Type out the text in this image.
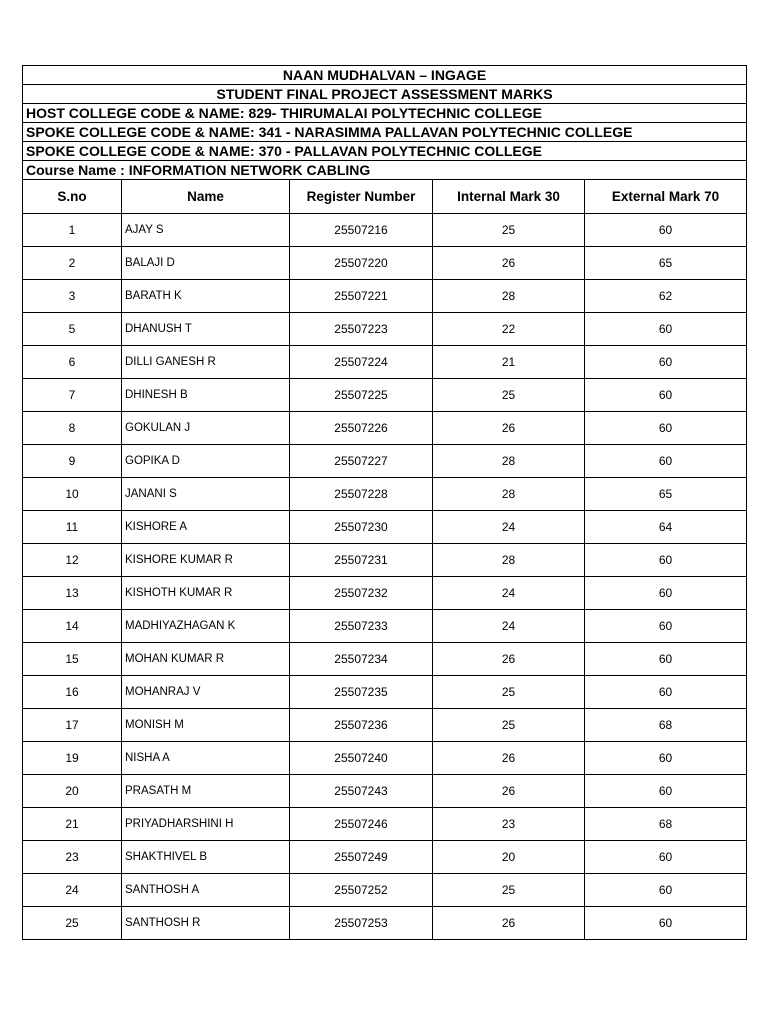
NAAN MUDHALVAN – INGAGE				
STUDENT FINAL PROJECT ASSESSMENT MARKS				
HOST COLLEGE CODE & NAME: 829- THIRUMALAI POLYTECHNIC COLLEGE				
SPOKE COLLEGE CODE & NAME: 341 - NARASIMMA PALLAVAN POLYTECHNIC COLLEGE				
SPOKE COLLEGE CODE & NAME: 370 - PALLAVAN POLYTECHNIC COLLEGE				
Course Name : INFORMATION NETWORK CABLING				
S.no	Name	Register Number	Internal Mark 30	External Mark 70
1	AJAY S	25507216	25	60
2	BALAJI D	25507220	26	65
3	BARATH K	25507221	28	62
5	DHANUSH T	25507223	22	60
6	DILLI GANESH R	25507224	21	60
7	DHINESH B	25507225	25	60
8	GOKULAN J	25507226	26	60
9	GOPIKA D	25507227	28	60
10	JANANI S	25507228	28	65
11	KISHORE A	25507230	24	64
12	KISHORE KUMAR R	25507231	28	60
13	KISHOTH KUMAR R	25507232	24	60
14	MADHIYAZHAGAN K	25507233	24	60
15	MOHAN KUMAR R	25507234	26	60
16	MOHANRAJ V	25507235	25	60
17	MONISH M	25507236	25	68
19	NISHA A	25507240	26	60
20	PRASATH M	25507243	26	60
21	PRIYADHARSHINI H	25507246	23	68
23	SHAKTHIVEL B	25507249	20	60
24	SANTHOSH A	25507252	25	60
25	SANTHOSH R	25507253	26	60
